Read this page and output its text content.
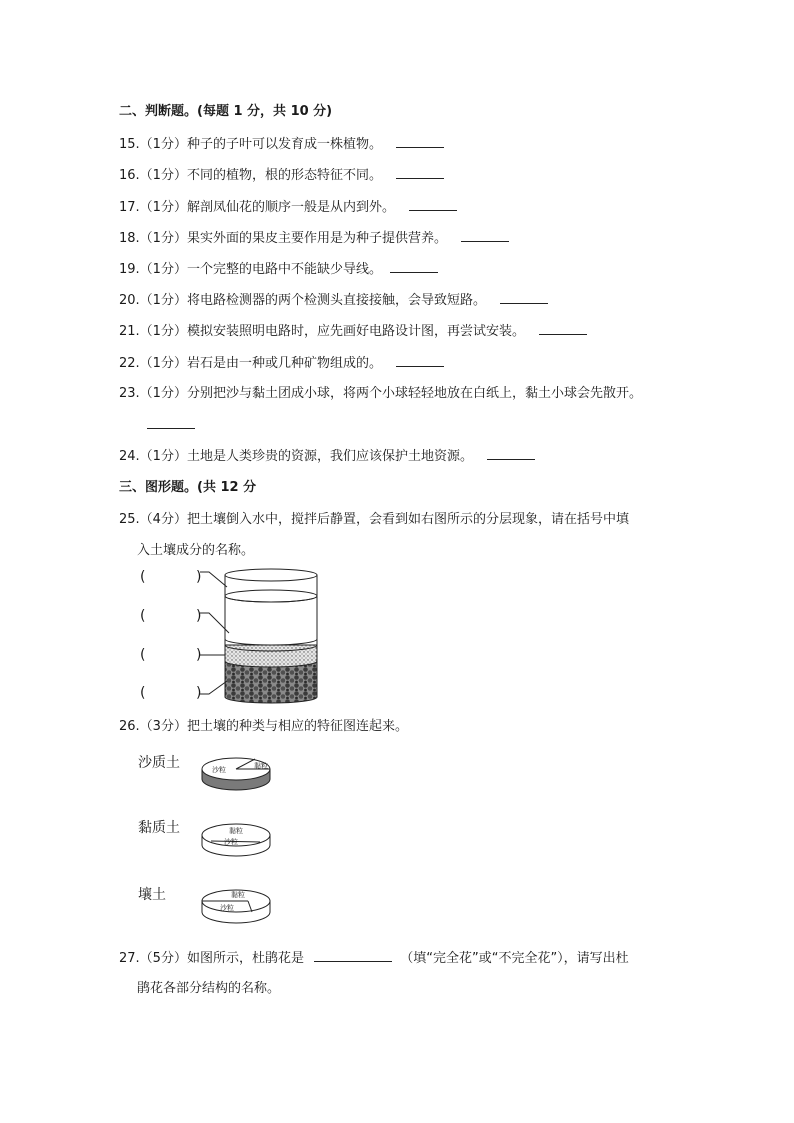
二、判断题。(每题 1 分，共 10 分)
15.（1分）种子的子叶可以发育成一株植物。
16.（1分）不同的植物，根的形态特征不同。
17.（1分）解剖凤仙花的顺序一般是从内到外。
18.（1分）果实外面的果皮主要作用是为种子提供营养。
19.（1分）一个完整的电路中不能缺少导线。
20.（1分）将电路检测器的两个检测头直接接触，会导致短路。
21.（1分）模拟安装照明电路时，应先画好电路设计图，再尝试安装。
22.（1分）岩石是由一种或几种矿物组成的。
23.（1分）分别把沙与黏土团成小球，将两个小球轻轻地放在白纸上，黏土小球会先散开。
24.（1分）土地是人类珍贵的资源，我们应该保护土地资源。
三、图形题。(共 12 分
25.（4分）把土壤倒入水中，搅拌后静置，会看到如右图所示的分层现象，请在括号中填
入土壤成分的名称。
(	)
(	)
(	)
(	)
26.（3分）把土壤的种类与相应的特征图连起来。
沙质土
黏质土
壤土
沙粒	黏粒
黏粒
沙粒
黏粒
沙粒
27.（5分）如图所示，杜鹃花是	（填“完全花”或“不完全花”），请写出杜
鹃花各部分结构的名称。
